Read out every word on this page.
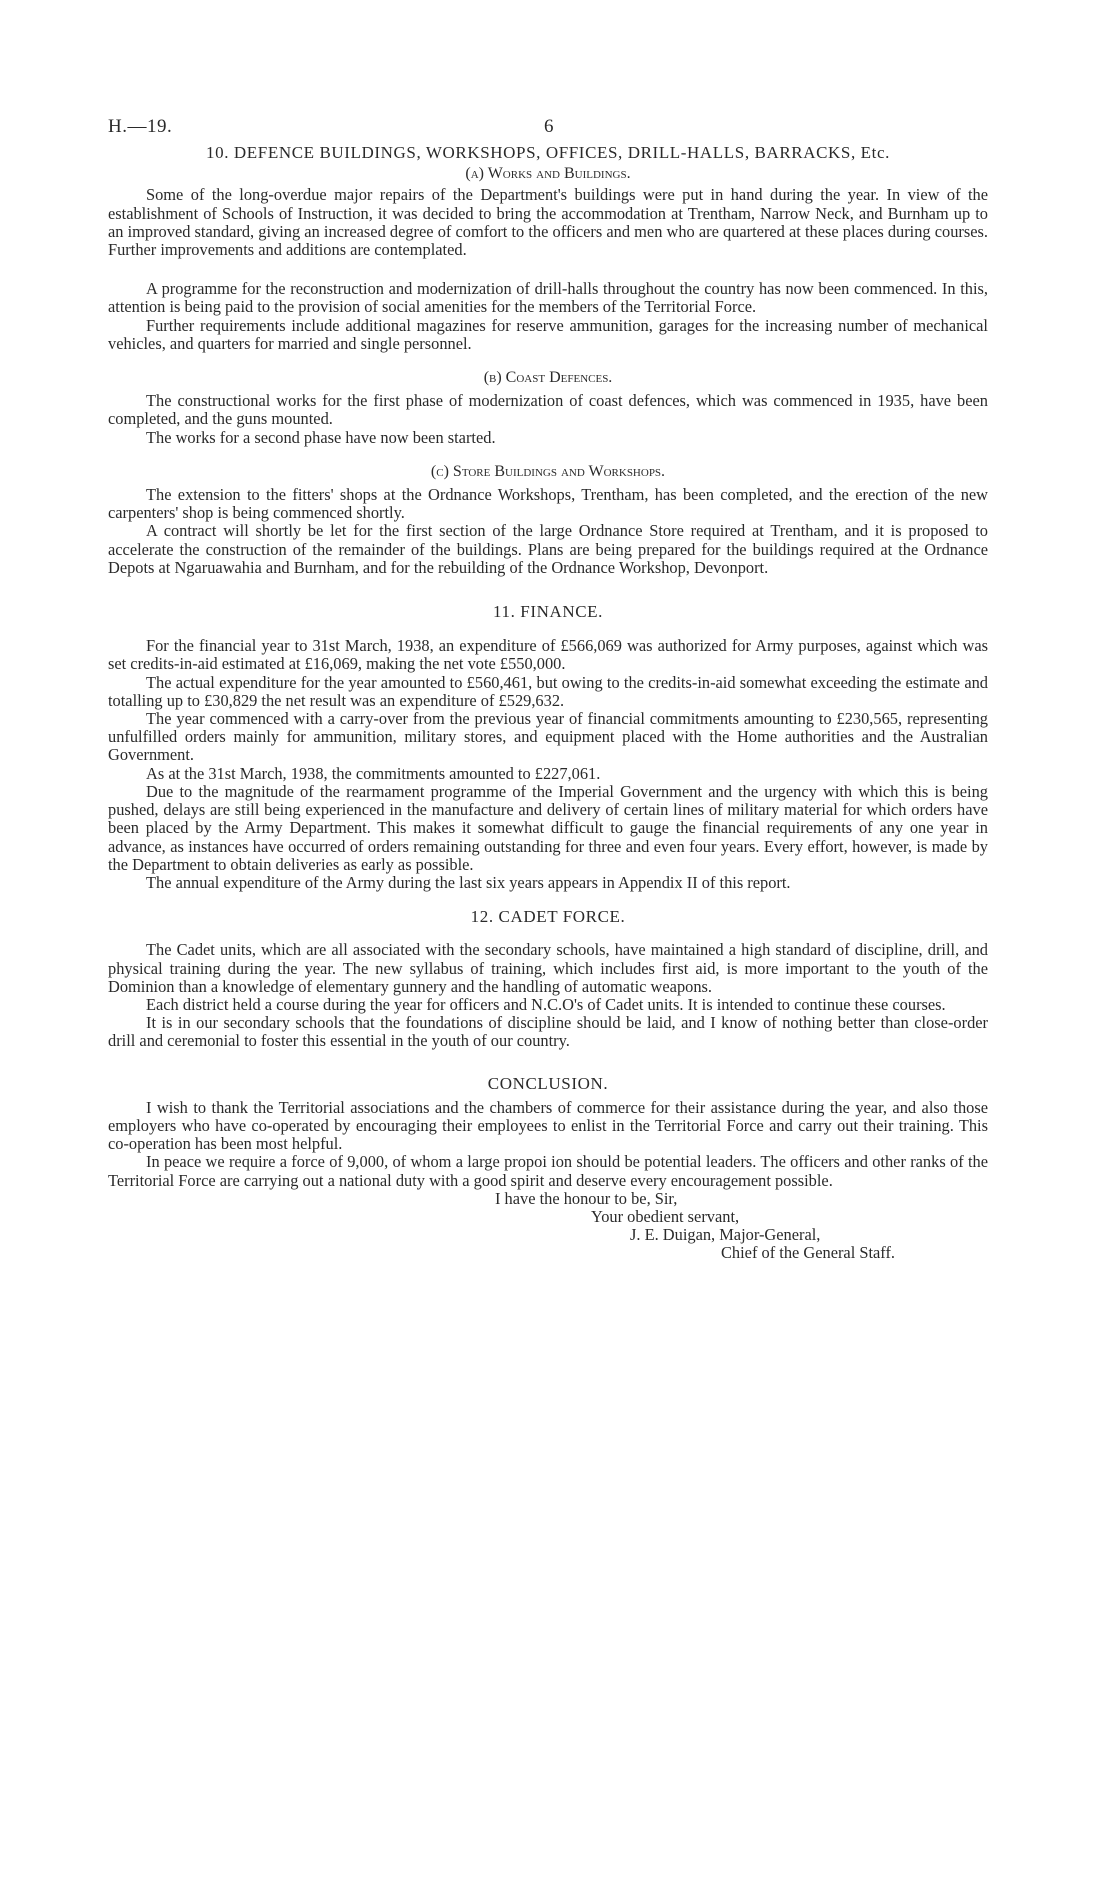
H.—19.	6
10. DEFENCE BUILDINGS, WORKSHOPS, OFFICES, DRILL-HALLS, BARRACKS, Etc.
(a) Works and Buildings.

Some of the long-overdue major repairs of the Department's buildings were put in hand during the year. In view of the establishment of Schools of Instruction, it was decided to bring the accommodation at Trentham, Narrow Neck, and Burnham up to an improved standard, giving an increased degree of comfort to the officers and men who are quartered at these places during courses. Further improvements and additions are contemplated.

A programme for the reconstruction and modernization of drill-halls throughout the country has now been commenced. In this, attention is being paid to the provision of social amenities for the members of the Territorial Force.

Further requirements include additional magazines for reserve ammunition, garages for the increasing number of mechanical vehicles, and quarters for married and single personnel.

(b) Coast Defences.

The constructional works for the first phase of modernization of coast defences, which was commenced in 1935, have been completed, and the guns mounted.

The works for a second phase have now been started.

(c) Store Buildings and Workshops.

The extension to the fitters' shops at the Ordnance Workshops, Trentham, has been completed, and the erection of the new carpenters' shop is being commenced shortly.

A contract will shortly be let for the first section of the large Ordnance Store required at Trentham, and it is proposed to accelerate the construction of the remainder of the buildings. Plans are being prepared for the buildings required at the Ordnance Depots at Ngaruawahia and Burnham, and for the rebuilding of the Ordnance Workshop, Devonport.

11. FINANCE.

For the financial year to 31st March, 1938, an expenditure of £566,069 was authorized for Army purposes, against which was set credits-in-aid estimated at £16,069, making the net vote £550,000.

The actual expenditure for the year amounted to £560,461, but owing to the credits-in-aid somewhat exceeding the estimate and totalling up to £30,829 the net result was an expenditure of £529,632.

The year commenced with a carry-over from the previous year of financial commitments amounting to £230,565, representing unfulfilled orders mainly for ammunition, military stores, and equipment placed with the Home authorities and the Australian Government.

As at the 31st March, 1938, the commitments amounted to £227,061.

Due to the magnitude of the rearmament programme of the Imperial Government and the urgency with which this is being pushed, delays are still being experienced in the manufacture and delivery of certain lines of military material for which orders have been placed by the Army Department. This makes it somewhat difficult to gauge the financial requirements of any one year in advance, as instances have occurred of orders remaining outstanding for three and even four years. Every effort, however, is made by the Department to obtain deliveries as early as possible.

The annual expenditure of the Army during the last six years appears in Appendix II of this report.

12. CADET FORCE.

The Cadet units, which are all associated with the secondary schools, have maintained a high standard of discipline, drill, and physical training during the year. The new syllabus of training, which includes first aid, is more important to the youth of the Dominion than a knowledge of elementary gunnery and the handling of automatic weapons.

Each district held a course during the year for officers and N.C.O's of Cadet units. It is intended to continue these courses.

It is in our secondary schools that the foundations of discipline should be laid, and I know of nothing better than close-order drill and ceremonial to foster this essential in the youth of our country.

CONCLUSION.

I wish to thank the Territorial associations and the chambers of commerce for their assistance during the year, and also those employers who have co-operated by encouraging their employees to enlist in the Territorial Force and carry out their training. This co-operation has been most helpful.

In peace we require a force of 9,000, of whom a large propoi ion should be potential leaders. The officers and other ranks of the Territorial Force are carrying out a national duty with a good spirit and deserve every encouragement possible.

I have the honour to be, Sir,
Your obedient servant,
J. E. Duigan, Major-General,
Chief of the General Staff.
